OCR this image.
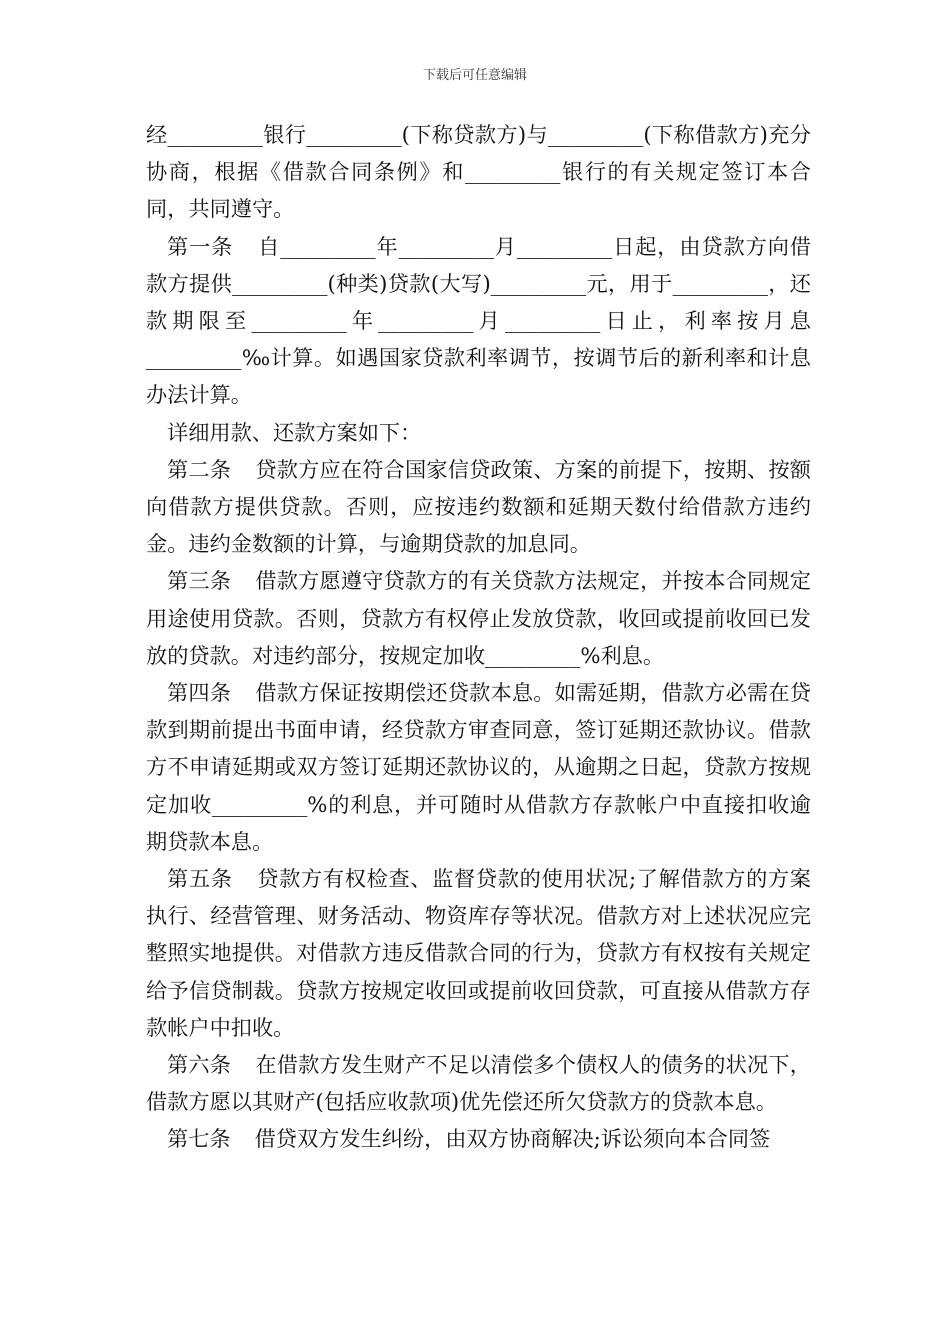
下载后可任意编辑

经_________银行_________(下称贷款方)与_________(下称借款方)充分协商，根据《借款合同条例》和_________银行的有关规定签订本合同，共同遵守。

第一条 自_________年_________月_________日起，由贷款方向借款方提供_________(种类)贷款(大写)_________元，用于_________，还款期限至_________年_________月_________日止，利率按月息_________‰计算。如遇国家贷款利率调节，按调节后的新利率和计息办法计算。

详细用款、还款方案如下：

第二条 贷款方应在符合国家信贷政策、方案的前提下，按期、按额向借款方提供贷款。否则，应按违约数额和延期天数付给借款方违约金。违约金数额的计算，与逾期贷款的加息同。

第三条 借款方愿遵守贷款方的有关贷款方法规定，并按本合同规定用途使用贷款。否则，贷款方有权停止发放贷款，收回或提前收回已发放的贷款。对违约部分，按规定加收_________%利息。

第四条 借款方保证按期偿还贷款本息。如需延期，借款方必需在贷款到期前提出书面申请，经贷款方审查同意，签订延期还款协议。借款方不申请延期或双方签订延期还款协议的，从逾期之日起，贷款方按规定加收_________%的利息，并可随时从借款方存款帐户中直接扣收逾期贷款本息。

第五条 贷款方有权检查、监督贷款的使用状况;了解借款方的方案执行、经营管理、财务活动、物资库存等状况。借款方对上述状况应完整照实地提供。对借款方违反借款合同的行为，贷款方有权按有关规定给予信贷制裁。贷款方按规定收回或提前收回贷款，可直接从借款方存款帐户中扣收。

第六条 在借款方发生财产不足以清偿多个债权人的债务的状况下，借款方愿以其财产(包括应收款项)优先偿还所欠贷款方的贷款本息。

第七条 借贷双方发生纠纷，由双方协商解决;诉讼须向本合同签
